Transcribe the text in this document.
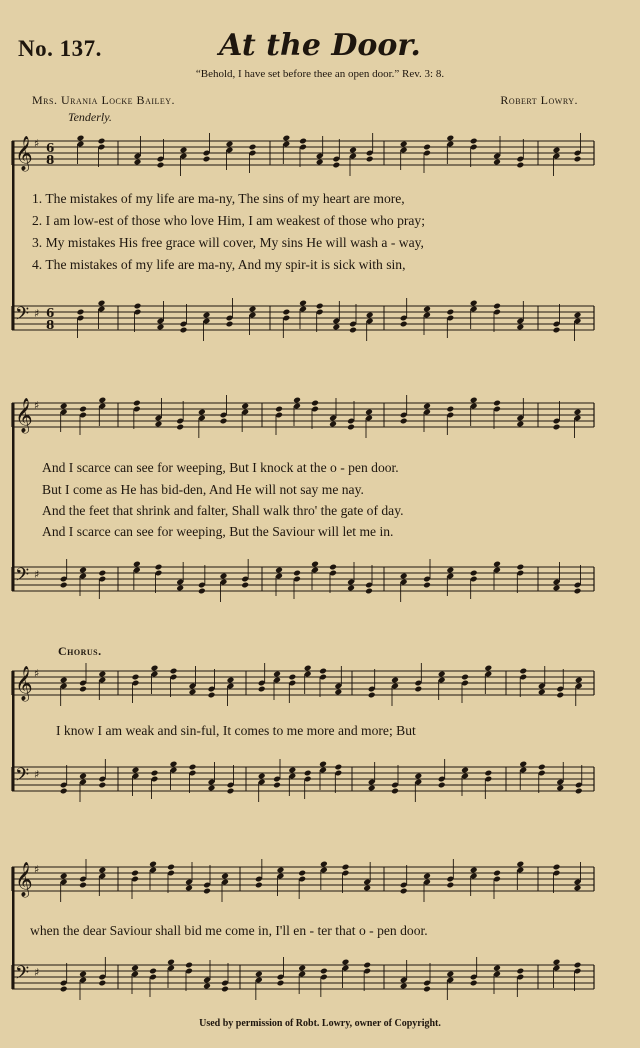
No. 137.	At the Door.
“Behold, I have set before thee an open door.” Rev. 3: 8.
Mrs. Urania Locke Bailey.	Robert Lowry.
Tenderly.
𝄞 ♯ 6
8
𝄢 ♯ 6
8
𝄞 ♯
𝄢 ♯
𝄞 ♯
𝄢 ♯
𝄞 ♯
𝄢 ♯
1. The mistakes of my life are ma-ny, The sins of my heart are more,
2. I am low-est of those who love Him, I am weakest of those who pray;
3. My mistakes His free grace will cover, My sins He will wash a - way,
4. The mistakes of my life are ma-ny, And my spir-it is sick with sin,
And I scarce can see for weeping, But I knock at the o - pen door.
But I come as He has bid-den, And He will not say me nay.
And the feet that shrink and falter, Shall walk thro' the gate of day.
And I scarce can see for weeping, But the Saviour will let me in.
Chorus.
I know I am weak and sin-ful, It comes to me more and more; But
when the dear Saviour shall bid me come in, I'll en - ter that o - pen door.
Used by permission of Robt. Lowry, owner of Copyright.
